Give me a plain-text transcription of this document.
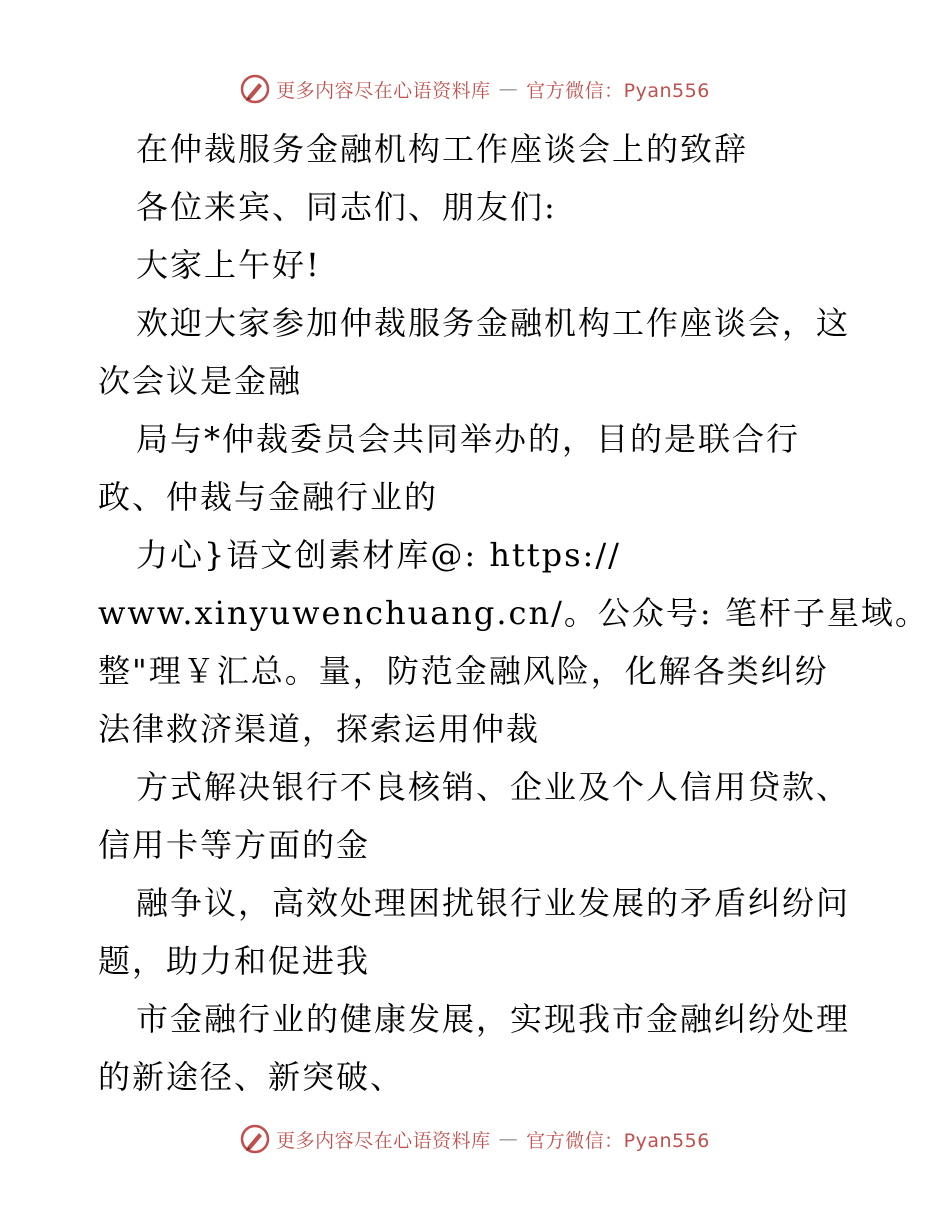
更多内容尽在心语资料库 — 官方微信：Pyan556
在仲裁服务金融机构工作座谈会上的致辞
各位来宾、同志们、朋友们:
大家上午好!
欢迎大家参加仲裁服务金融机构工作座谈会，这
次会议是金融
局与*仲裁委员会共同举办的，目的是联合行
政、仲裁与金融行业的
力心}语文创素材库@: https://
www.xinyuwenchuang.cn/。公众号: 笔杆子星域。
整"理￥汇总。量，防范金融风险，化解各类纠纷
法律救济渠道，探索运用仲裁
方式解决银行不良核销、企业及个人信用贷款、
信用卡等方面的金
融争议，高效处理困扰银行业发展的矛盾纠纷问
题，助力和促进我
市金融行业的健康发展，实现我市金融纠纷处理
的新途径、新突破、
更多内容尽在心语资料库 — 官方微信：Pyan556
